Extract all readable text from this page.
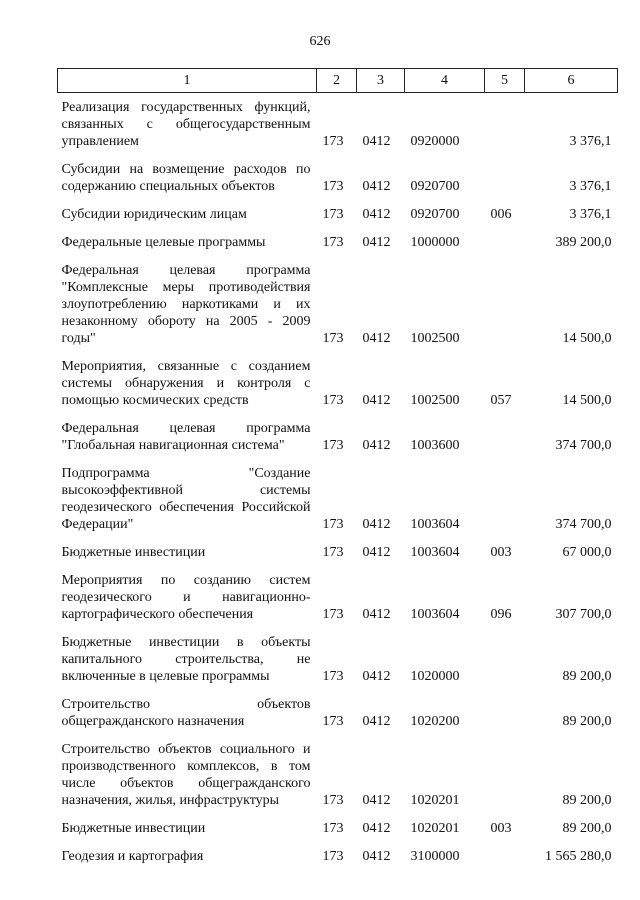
626
1	2	3	4	5	6
Реализация государственных функций, связанных с общегосударственным управлением	173	0412	0920000		3 376,1
Субсидии на возмещение расходов по содержанию специальных объектов	173	0412	0920700		3 376,1
Субсидии юридическим лицам	173	0412	0920700	006	3 376,1
Федеральные целевые программы	173	0412	1000000		389 200,0
Федеральная целевая программа "Комплексные меры противодействия злоупотреблению наркотиками и их незаконному обороту на 2005 - 2009 годы"	173	0412	1002500		14 500,0
Мероприятия, связанные с созданием системы обнаружения и контроля с помощью космических средств	173	0412	1002500	057	14 500,0
Федеральная целевая программа "Глобальная навигационная система"	173	0412	1003600		374 700,0
Подпрограмма "Создание высокоэффективной системы геодезического обеспечения Российской Федерации"	173	0412	1003604		374 700,0
Бюджетные инвестиции	173	0412	1003604	003	67 000,0
Мероприятия по созданию систем геодезического и навигационно-картографического обеспечения	173	0412	1003604	096	307 700,0
Бюджетные инвестиции в объекты капитального строительства, не включенные в целевые программы	173	0412	1020000		89 200,0
Строительство объектов общегражданского назначения	173	0412	1020200		89 200,0
Строительство объектов социального и производственного комплексов, в том числе объектов общегражданского назначения, жилья, инфраструктуры	173	0412	1020201		89 200,0
Бюджетные инвестиции	173	0412	1020201	003	89 200,0
Геодезия и картография	173	0412	3100000		1 565 280,0
